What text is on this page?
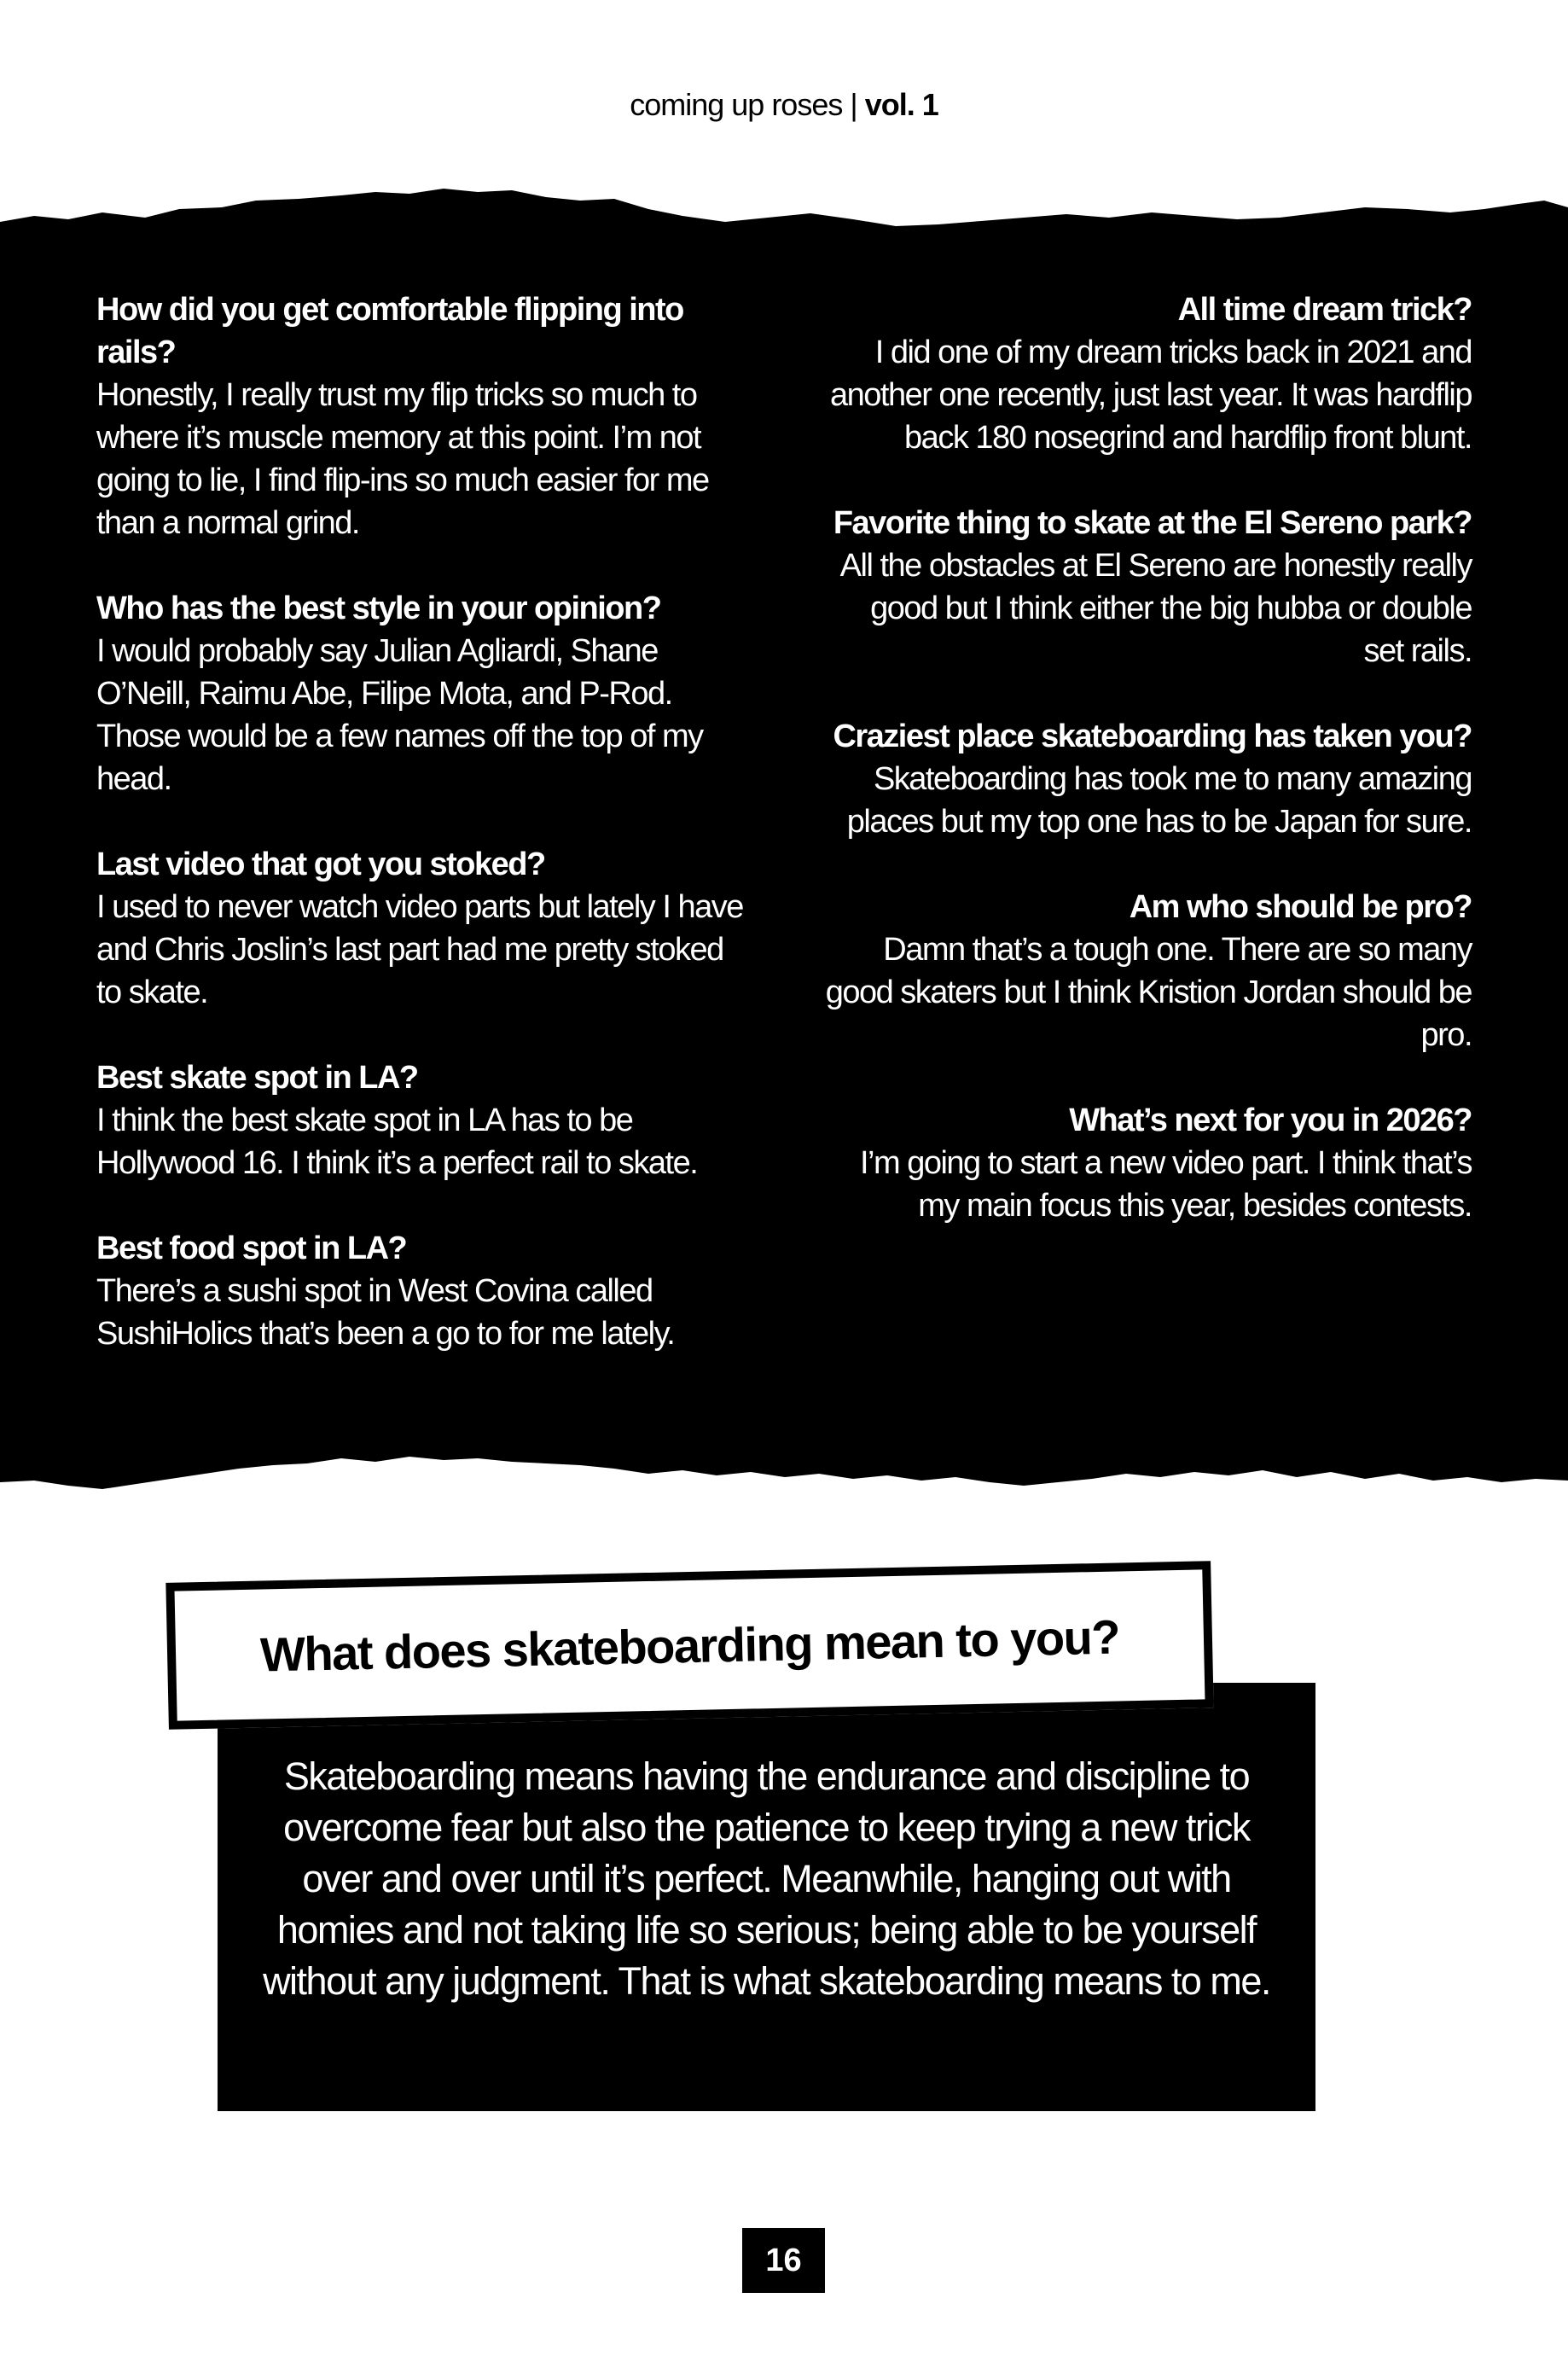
coming up roses | vol. 1
How did you get comfortable flipping into rails?
Honestly, I really trust my flip tricks so much to where it’s muscle memory at this point. I’m not going to lie, I find flip-ins so much easier for me than a normal grind.
Who has the best style in your opinion?
I would probably say Julian Agliardi, Shane O’Neill, Raimu Abe, Filipe Mota, and P-Rod. Those would be a few names off the top of my head.
Last video that got you stoked?
I used to never watch video parts but lately I have and Chris Joslin’s last part had me pretty stoked to skate.
Best skate spot in LA?
I think the best skate spot in LA has to be Hollywood 16. I think it’s a perfect rail to skate.
Best food spot in LA?
There’s a sushi spot in West Covina called SushiHolics that’s been a go to for me lately.
All time dream trick?
I did one of my dream tricks back in 2021 and another one recently, just last year. It was hardflip back 180 nosegrind and hardflip front blunt.
Favorite thing to skate at the El Sereno park?
All the obstacles at El Sereno are honestly really good but I think either the big hubba or double set rails.
Craziest place skateboarding has taken you?
Skateboarding has took me to many amazing places but my top one has to be Japan for sure.
Am who should be pro?
Damn that’s a tough one. There are so many good skaters but I think Kristion Jordan should be pro.
What’s next for you in 2026?
I’m going to start a new video part. I think that’s my main focus this year, besides contests.
Skateboarding means having the endurance and discipline to overcome fear but also the patience to keep trying a new trick over and over until it’s perfect. Meanwhile, hanging out with homies and not taking life so serious; being able to be yourself without any judgment. That is what skateboarding means to me.
What does skateboarding mean to you?
16
